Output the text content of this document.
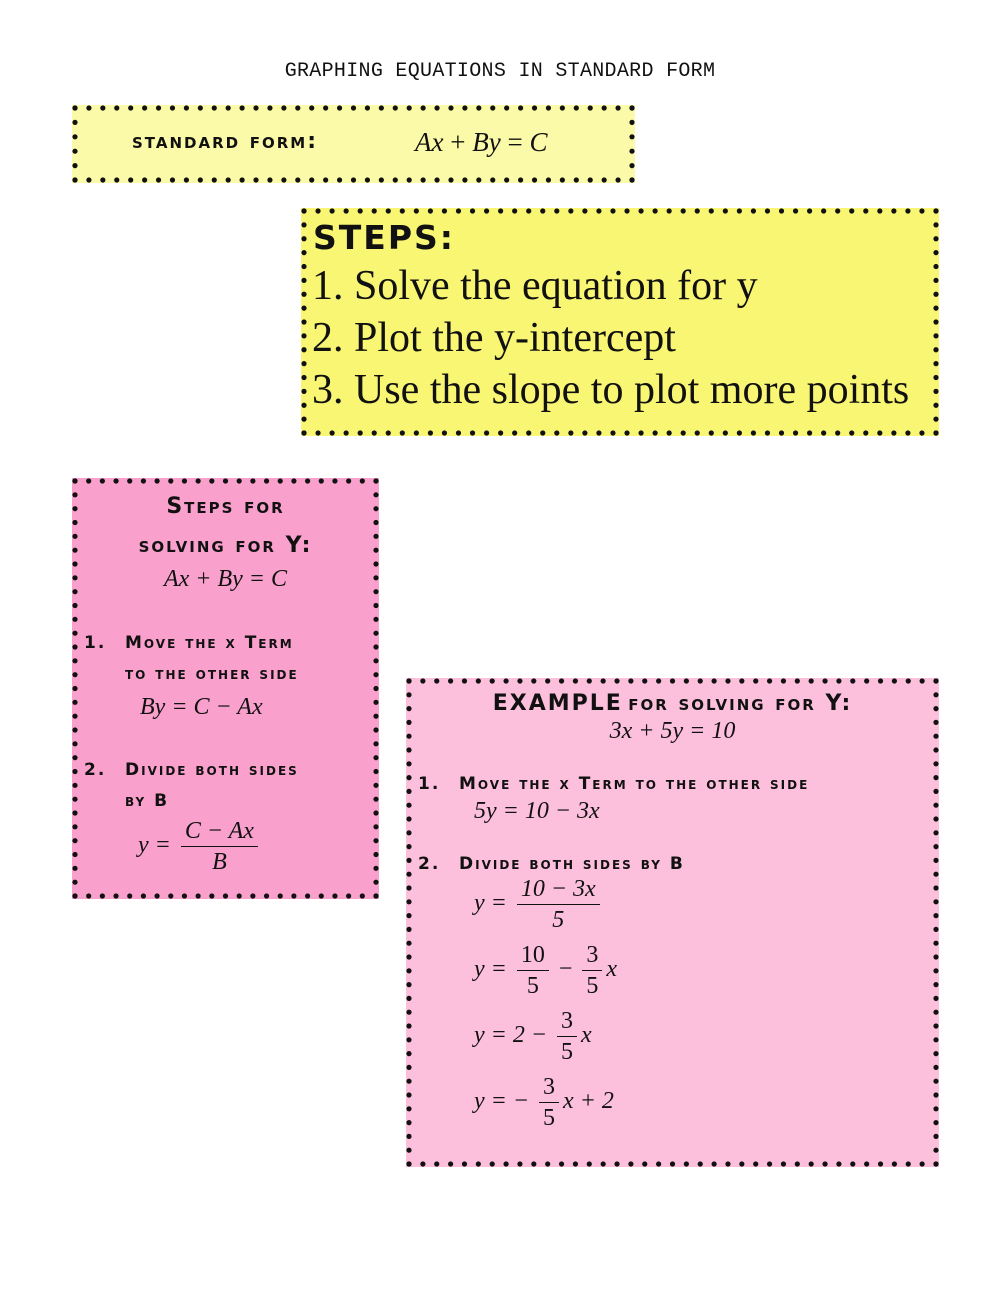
GRAPHING EQUATIONS IN STANDARD FORM
standard form:	Ax + By = C
STEPS:
1. Solve the equation for y
2. Plot the y-intercept
3. Use the slope to plot more points
Steps for
solving for Y:
Ax + By = C
1. Move the x Term
to the other side
By = C − Ax
2. Divide both sides
by B
$y = \frac{C - Ax}{B}$
EXAMPLE for solving for Y:
3x + 5y = 10
1. Move the x Term to the other side
5y = 10 − 3x
2. Divide both sides by B
$y = \frac{10 - 3x}{5}$
$y = \frac{10}{5} - \frac{3}{5}$ x
$y = 2 - \frac{3}{5}$ x
y = − $\frac{3}{5}$ x + 2
